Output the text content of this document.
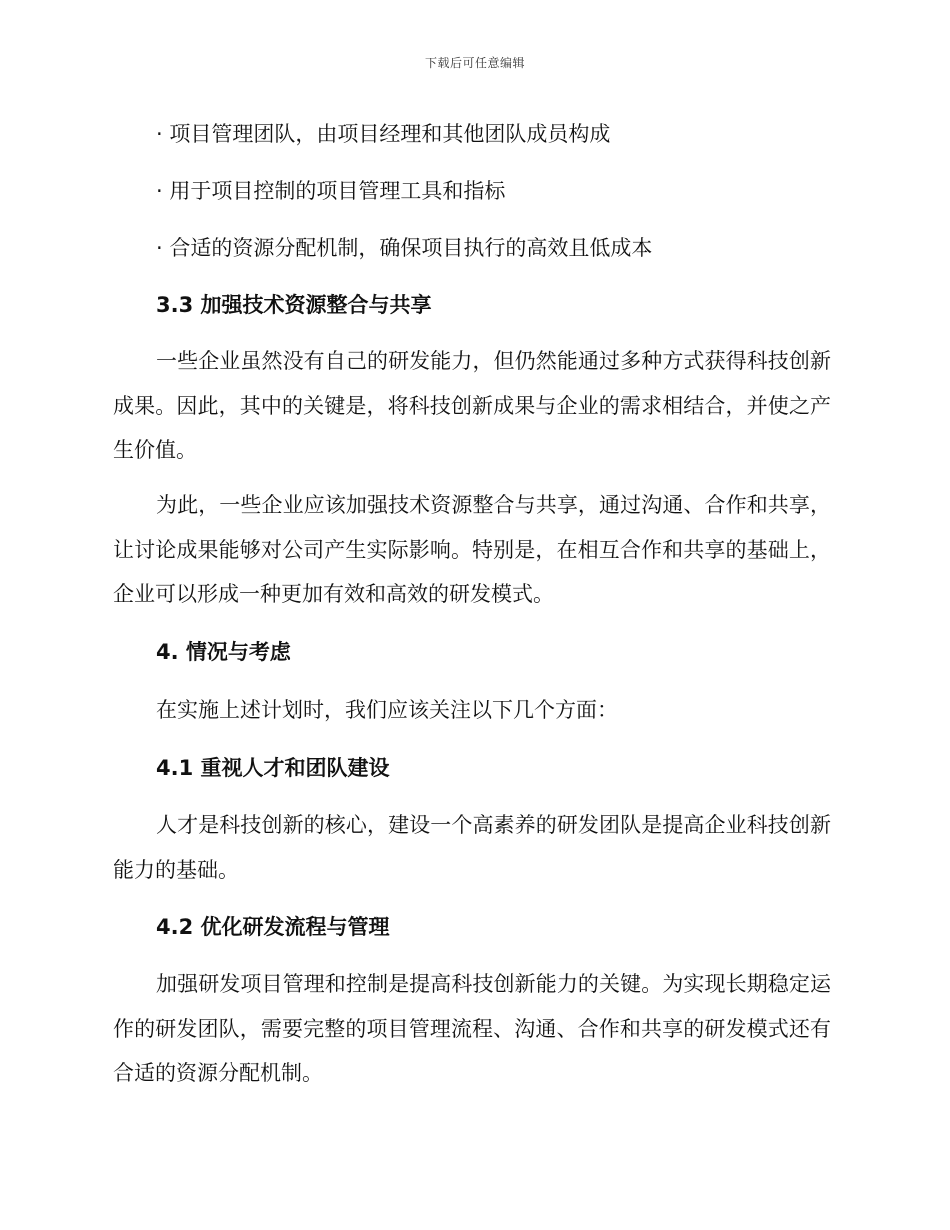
下载后可任意编辑
· 项目管理团队，由项目经理和其他团队成员构成
· 用于项目控制的项目管理工具和指标
· 合适的资源分配机制，确保项目执行的高效且低成本
3.3 加强技术资源整合与共享
一些企业虽然没有自己的研发能力，但仍然能通过多种方式获得科技创新成果。因此，其中的关键是，将科技创新成果与企业的需求相结合，并使之产生价值。
为此，一些企业应该加强技术资源整合与共享，通过沟通、合作和共享，让讨论成果能够对公司产生实际影响。特别是，在相互合作和共享的基础上，企业可以形成一种更加有效和高效的研发模式。
4. 情况与考虑
在实施上述计划时，我们应该关注以下几个方面：
4.1 重视人才和团队建设
人才是科技创新的核心，建设一个高素养的研发团队是提高企业科技创新能力的基础。
4.2 优化研发流程与管理
加强研发项目管理和控制是提高科技创新能力的关键。为实现长期稳定运作的研发团队，需要完整的项目管理流程、沟通、合作和共享的研发模式还有合适的资源分配机制。
